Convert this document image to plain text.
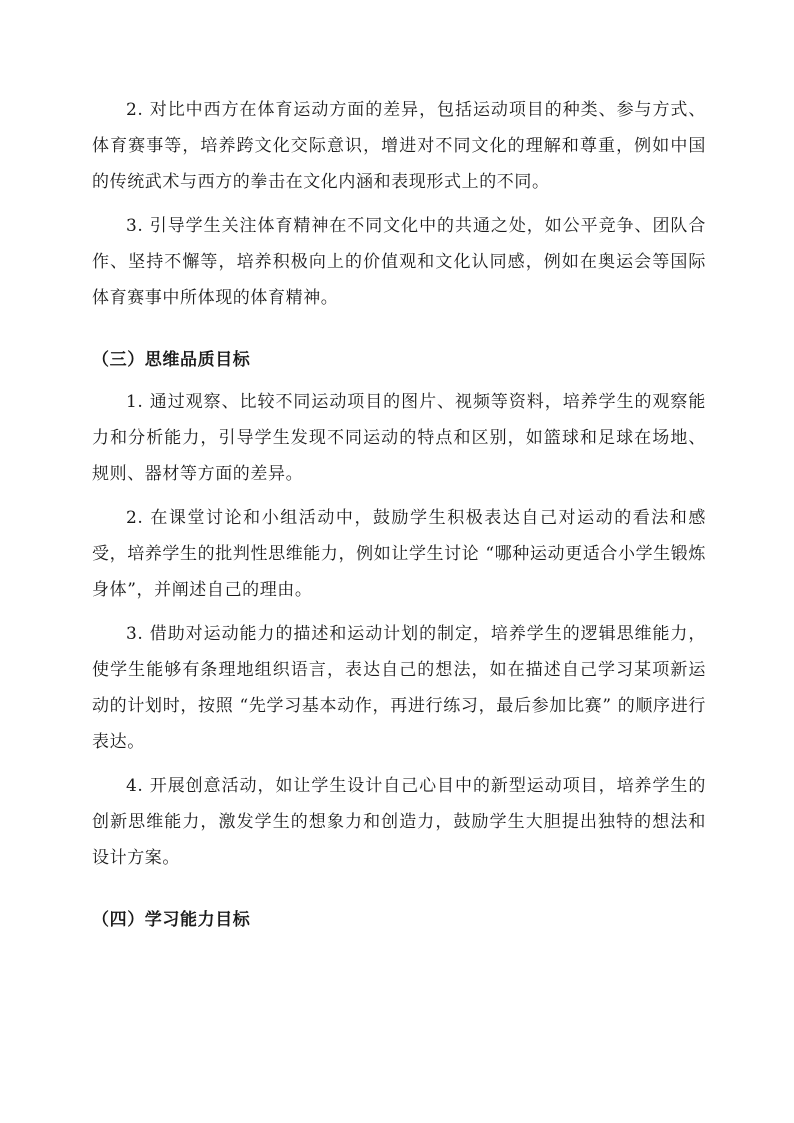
2. 对比中西方在体育运动方面的差异，包括运动项目的种类、参与方式、体育赛事等，培养跨文化交际意识，增进对不同文化的理解和尊重，例如中国的传统武术与西方的拳击在文化内涵和表现形式上的不同。

3. 引导学生关注体育精神在不同文化中的共通之处，如公平竞争、团队合作、坚持不懈等，培养积极向上的价值观和文化认同感，例如在奥运会等国际体育赛事中所体现的体育精神。

（三）思维品质目标

1. 通过观察、比较不同运动项目的图片、视频等资料，培养学生的观察能力和分析能力，引导学生发现不同运动的特点和区别，如篮球和足球在场地、规则、器材等方面的差异。

2. 在课堂讨论和小组活动中，鼓励学生积极表达自己对运动的看法和感受，培养学生的批判性思维能力，例如让学生讨论 “哪种运动更适合小学生锻炼身体”，并阐述自己的理由。

3. 借助对运动能力的描述和运动计划的制定，培养学生的逻辑思维能力，使学生能够有条理地组织语言，表达自己的想法，如在描述自己学习某项新运动的计划时，按照 “先学习基本动作，再进行练习，最后参加比赛” 的顺序进行表达。

4. 开展创意活动，如让学生设计自己心目中的新型运动项目，培养学生的创新思维能力，激发学生的想象力和创造力，鼓励学生大胆提出独特的想法和设计方案。

（四）学习能力目标
